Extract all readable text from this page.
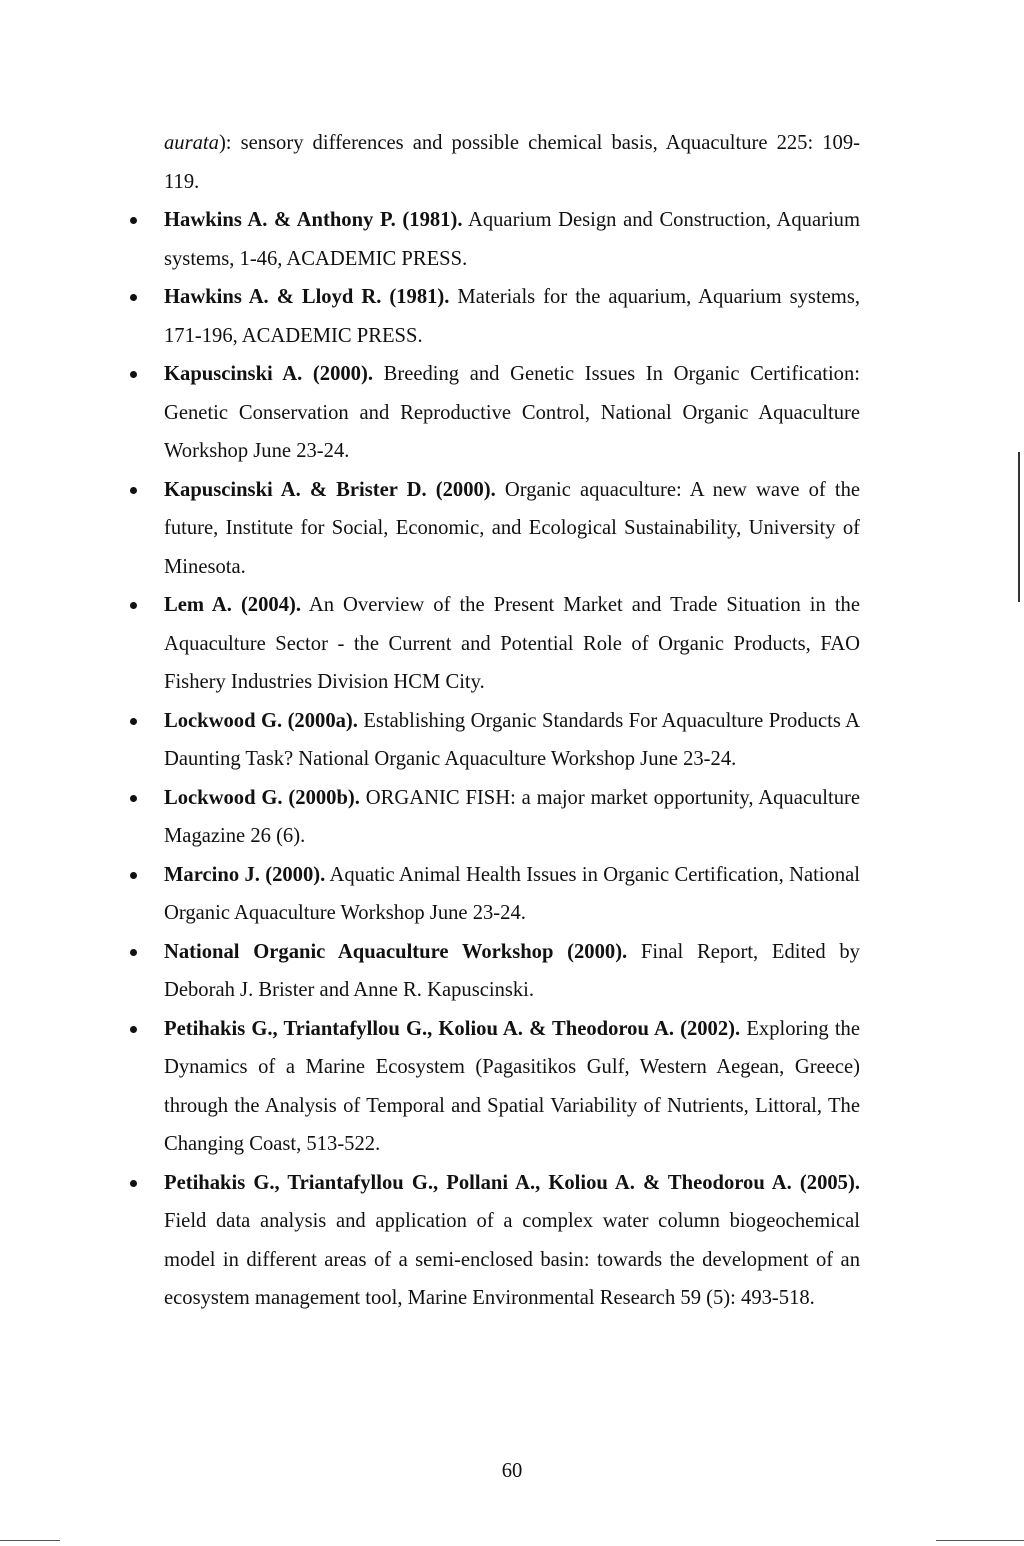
aurata): sensory differences and possible chemical basis, Aquaculture 225: 109-119.
Hawkins A. & Anthony P. (1981). Aquarium Design and Construction, Aquarium systems, 1-46, ACADEMIC PRESS.
Hawkins A. & Lloyd R. (1981). Materials for the aquarium, Aquarium systems, 171-196, ACADEMIC PRESS.
Kapuscinski A. (2000). Breeding and Genetic Issues In Organic Certification: Genetic Conservation and Reproductive Control, National Organic Aquaculture Workshop June 23-24.
Kapuscinski A. & Brister D. (2000). Organic aquaculture: A new wave of the future, Institute for Social, Economic, and Ecological Sustainability, University of Minesota.
Lem A. (2004). An Overview of the Present Market and Trade Situation in the Aquaculture Sector - the Current and Potential Role of Organic Products, FAO Fishery Industries Division HCM City.
Lockwood G. (2000a). Establishing Organic Standards For Aquaculture Products A Daunting Task? National Organic Aquaculture Workshop June 23-24.
Lockwood G. (2000b). ORGANIC FISH: a major market opportunity, Aquaculture Magazine 26 (6).
Marcino J. (2000). Aquatic Animal Health Issues in Organic Certification, National Organic Aquaculture Workshop June 23-24.
National Organic Aquaculture Workshop (2000). Final Report, Edited by Deborah J. Brister and Anne R. Kapuscinski.
Petihakis G., Triantafyllou G., Koliou A. & Theodorou A. (2002). Exploring the Dynamics of a Marine Ecosystem (Pagasitikos Gulf, Western Aegean, Greece) through the Analysis of Temporal and Spatial Variability of Nutrients, Littoral, The Changing Coast, 513-522.
Petihakis G., Triantafyllou G., Pollani A., Koliou A. & Theodorou A. (2005). Field data analysis and application of a complex water column biogeochemical model in different areas of a semi-enclosed basin: towards the development of an ecosystem management tool, Marine Environmental Research 59 (5): 493-518.
60
